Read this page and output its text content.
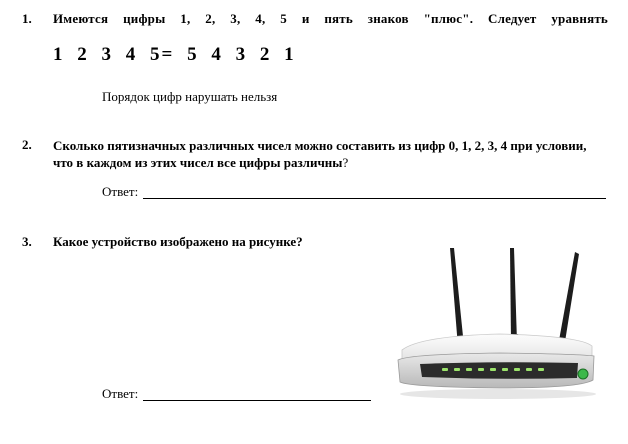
1. Имеются цифры 1, 2, 3, 4, 5 и пять знаков "плюс". Следует уравнять
1 2 3 4 5= 5 4 3 2 1
Порядок цифр нарушать нельзя
2. Сколько пятизначных различных чисел можно составить из цифр 0, 1, 2, 3, 4 при условии, что в каждом из этих чисел все цифры различны?
Ответ:
3. Какое устройство изображено на рисунке?
Ответ:
